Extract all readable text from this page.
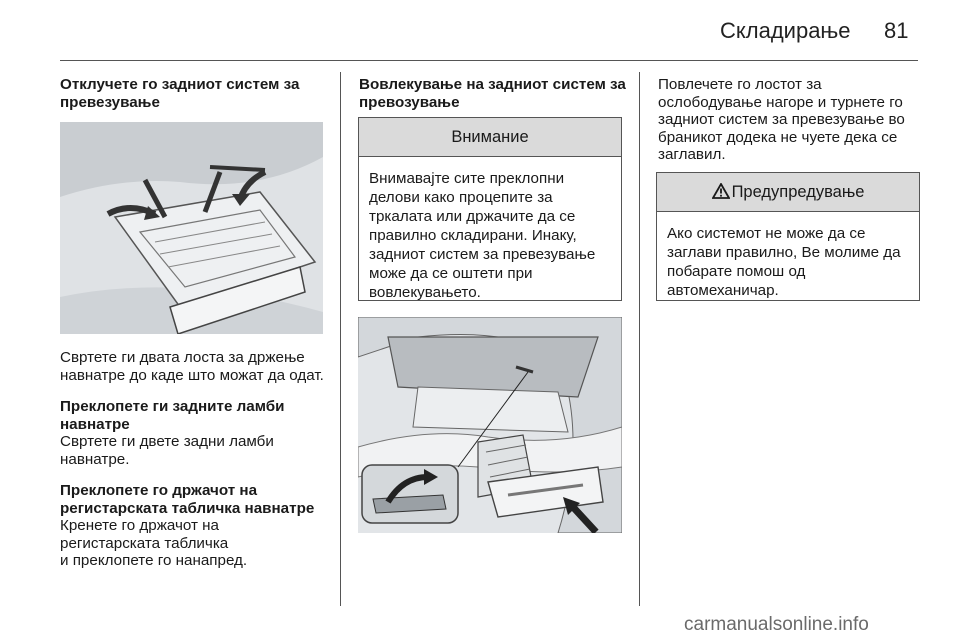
Складирање 81

Отклучете го задниот систем за превезување

Свртете ги двата лоста за држење навнатре до каде што можат да одат.

Преклопете ги задните ламби навнатре

Свртете ги двете задни ламби навнатре.

Преклопете го држачот на регистарската табличка навнатре

Кренете го држачот на

регистарската табличка

и преклопете го нанапред.

Вовлекување на задниот систем за превозување

Внимание
Внимавајте сите преклопни делови како процепите за тркалата или држачите да се правилно складирани. Инаку, задниот систем за превезување може да се оштети при вовлекувањето.

Повлечете го лостот за ослободување нагоре и турнете го задниот систем за превезување во браникот додека не чуете дека се заглавил.

Предупредување
Ако системот не може да се заглави правилно, Ве молиме да побарате помош од автомеханичар.
carmanualsonline.info
